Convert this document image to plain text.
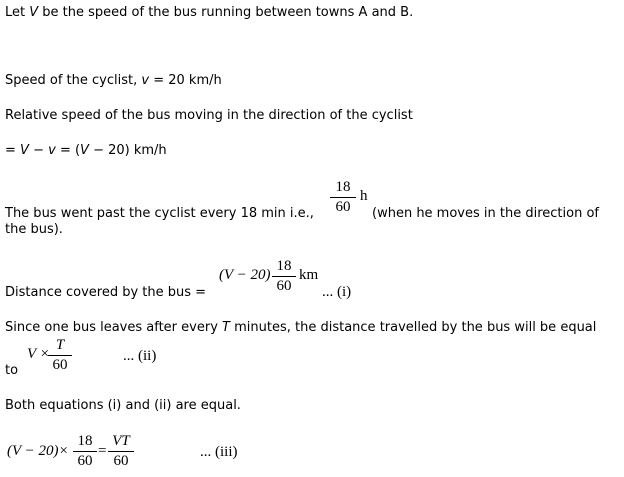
Let V be the speed of the bus running between towns A and B.
Speed of the cyclist, v = 20 km/h
Relative speed of the bus moving in the direction of the cyclist
= V − v = (V − 20) km/h
The bus went past the cyclist every 18 min i.e.,
18
60
h
(when he moves in the direction of
the bus).
Distance covered by the bus =
(V − 20)
18
60
km
... (i)
Since one bus leaves after every T minutes, the distance travelled by the bus will be equal
to
V ×
T
60
... (ii)
Both equations (i) and (ii) are equal.
(V − 20)×
18
60
=
VT
60
... (iii)
